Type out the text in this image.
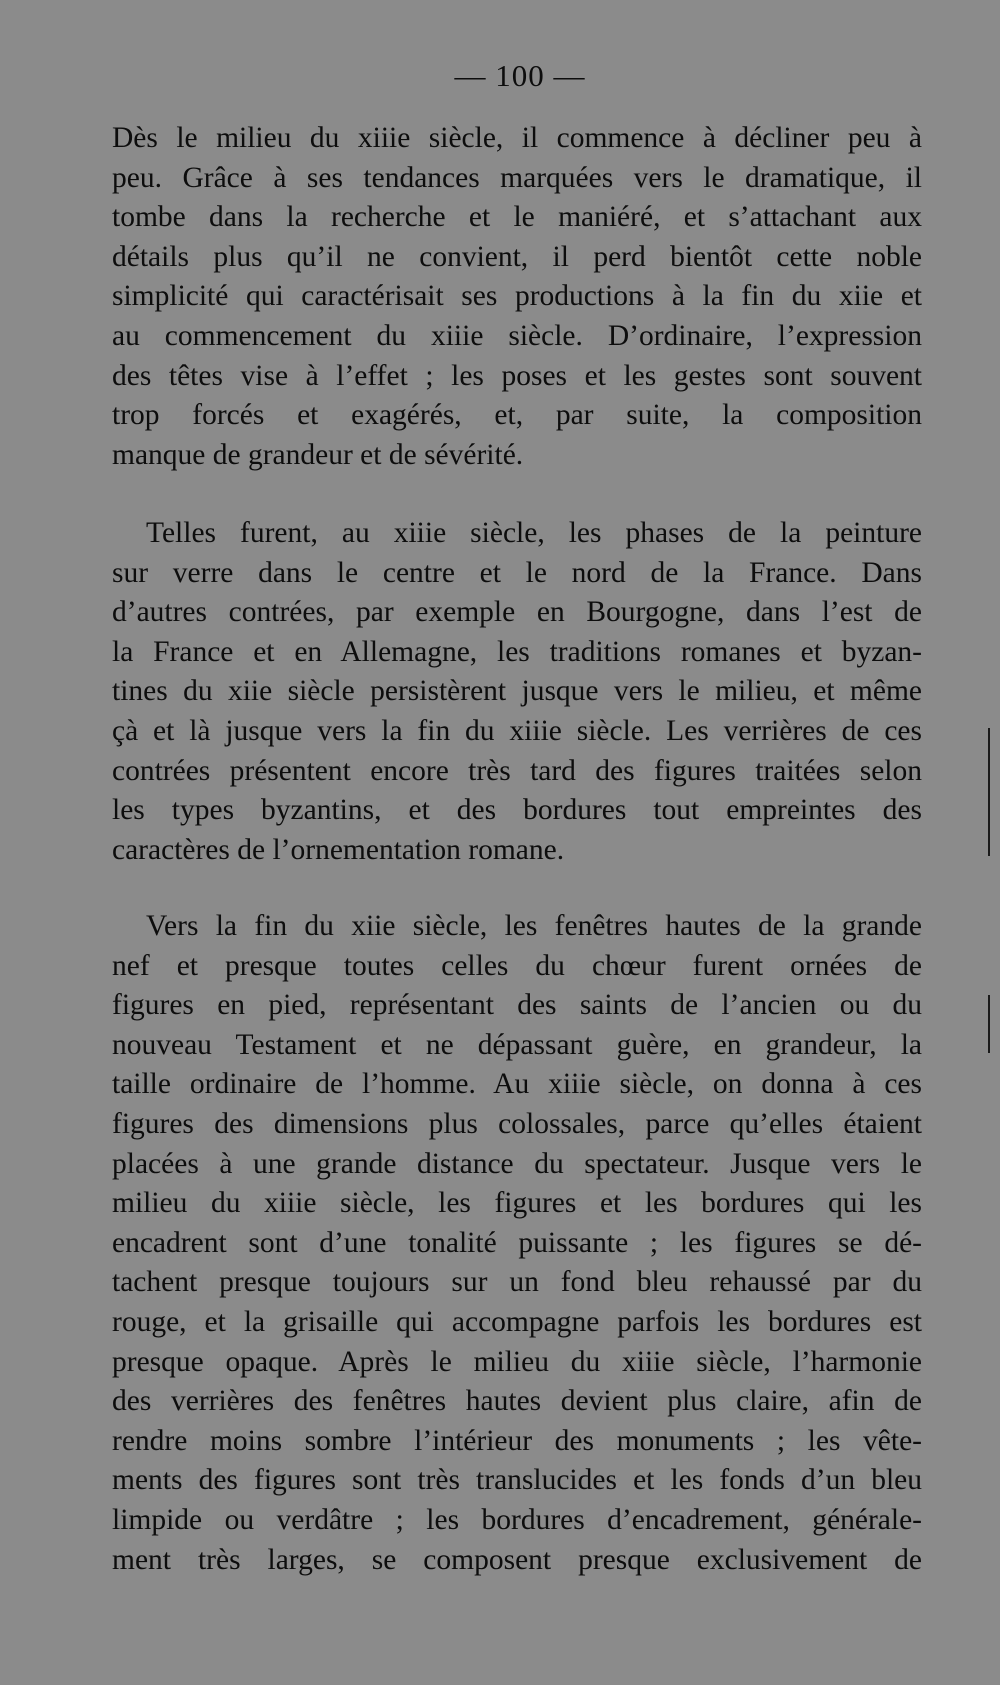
— 100 —
Dès le milieu du xiiie siècle, il commence à décliner peu à
peu. Grâce à ses tendances marquées vers le dramatique, il
tombe dans la recherche et le maniéré, et s’attachant aux
détails plus qu’il ne convient, il perd bientôt cette noble
simplicité qui caractérisait ses productions à la fin du xiie et
au commencement du xiiie siècle. D’ordinaire, l’expression
des têtes vise à l’effet ; les poses et les gestes sont souvent
trop forcés et exagérés, et, par suite, la composition
manque de grandeur et de sévérité.
Telles furent, au xiiie siècle, les phases de la peinture
sur verre dans le centre et le nord de la France. Dans
d’autres contrées, par exemple en Bourgogne, dans l’est de
la France et en Allemagne, les traditions romanes et byzan-
tines du xiie siècle persistèrent jusque vers le milieu, et même
çà et là jusque vers la fin du xiiie siècle. Les verrières de ces
contrées présentent encore très tard des figures traitées selon
les types byzantins, et des bordures tout empreintes des
caractères de l’ornementation romane.
Vers la fin du xiie siècle, les fenêtres hautes de la grande
nef et presque toutes celles du chœur furent ornées de
figures en pied, représentant des saints de l’ancien ou du
nouveau Testament et ne dépassant guère, en grandeur, la
taille ordinaire de l’homme. Au xiiie siècle, on donna à ces
figures des dimensions plus colossales, parce qu’elles étaient
placées à une grande distance du spectateur. Jusque vers le
milieu du xiiie siècle, les figures et les bordures qui les
encadrent sont d’une tonalité puissante ; les figures se dé-
tachent presque toujours sur un fond bleu rehaussé par du
rouge, et la grisaille qui accompagne parfois les bordures est
presque opaque. Après le milieu du xiiie siècle, l’harmonie
des verrières des fenêtres hautes devient plus claire, afin de
rendre moins sombre l’intérieur des monuments ; les vête-
ments des figures sont très translucides et les fonds d’un bleu
limpide ou verdâtre ; les bordures d’encadrement, générale-
ment très larges, se composent presque exclusivement de
